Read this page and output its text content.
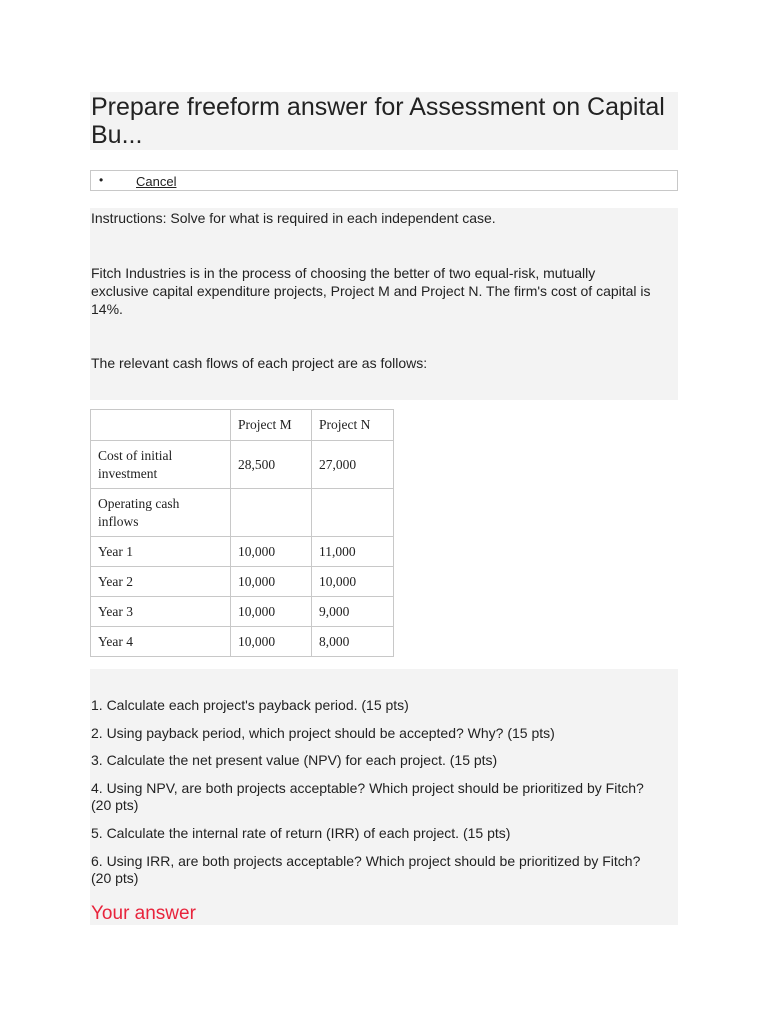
Prepare freeform answer for Assessment on Capital Bu...
•	Cancel

Instructions: Solve for what is required in each independent case.

Fitch Industries is in the process of choosing the better of two equal-risk, mutually exclusive capital expenditure projects, Project M and Project N. The firm's cost of capital is 14%.

The relevant cash flows of each project are as follows:

	Project M	Project N
Cost of initial investment	28,500	27,000
Operating cash inflows		
Year 1	10,000	11,000
Year 2	10,000	10,000
Year 3	10,000	9,000
Year 4	10,000	8,000

1. Calculate each project's payback period. (15 pts)

2. Using payback period, which project should be accepted? Why? (15 pts)

3. Calculate the net present value (NPV) for each project. (15 pts)

4. Using NPV, are both projects acceptable? Which project should be prioritized by Fitch? (20 pts)

5. Calculate the internal rate of return (IRR) of each project. (15 pts)

6. Using IRR, are both projects acceptable? Which project should be prioritized by Fitch? (20 pts)

Your answer
